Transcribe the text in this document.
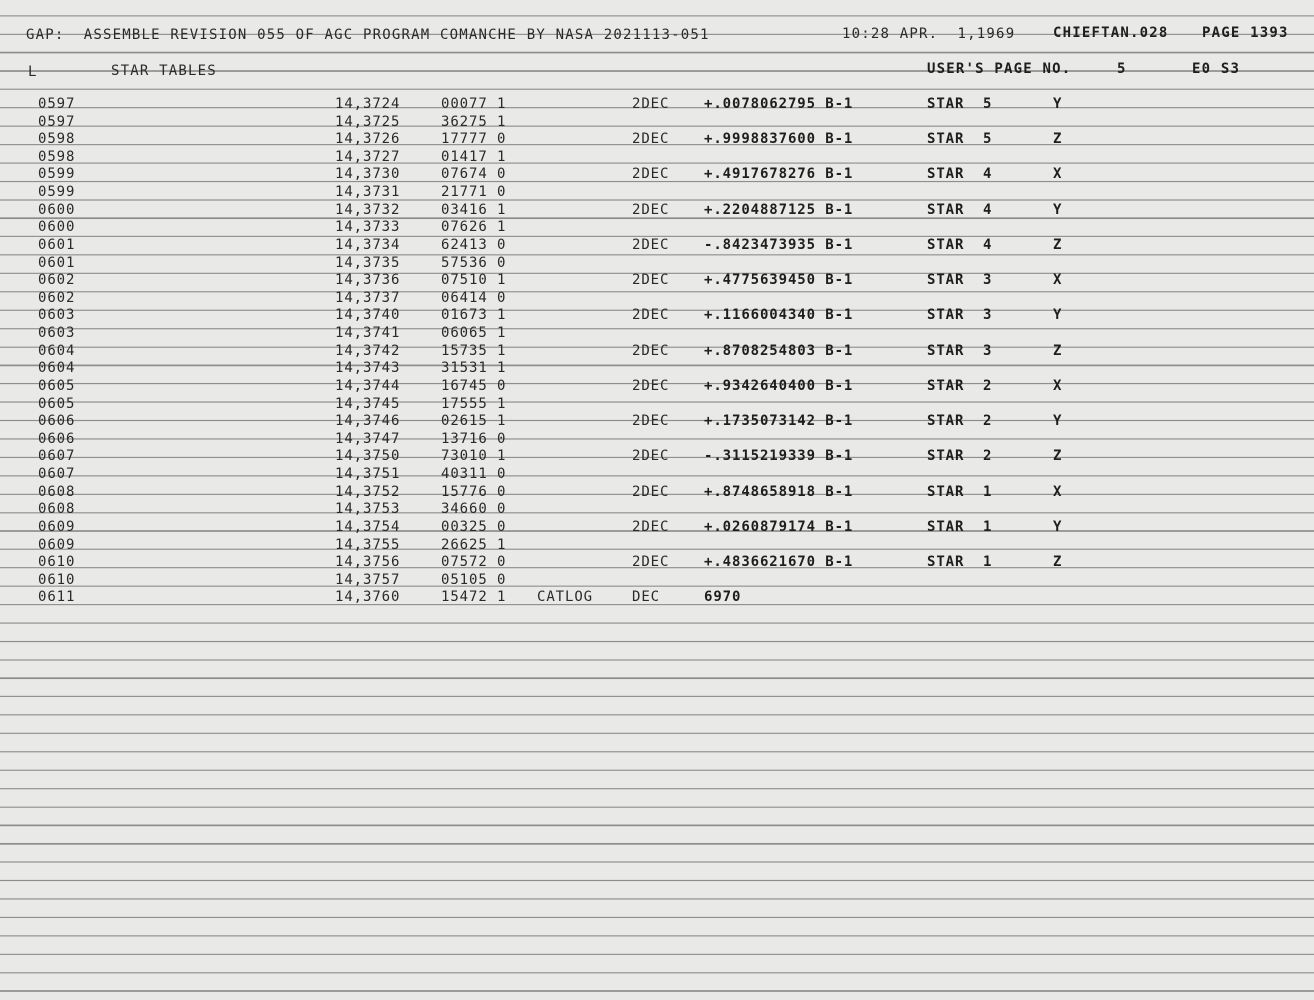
GAP:  ASSEMBLE REVISION 055 OF AGC PROGRAM COMANCHE BY NASA 2021113-051	10:28 APR.  1,1969	CHIEFTAN.028 PAGE 1393
L	STAR TABLES	USER'S PAGE NO.	5	E0 S3
0597	14,3724	00077 1	2DEC +.0078062795 B-1	STAR  5	Y
0597	14,3725	36275 1
0598	14,3726	17777 0	2DEC +.9998837600 B-1	STAR  5	Z
0598	14,3727	01417 1
0599	14,3730	07674 0	2DEC +.4917678276 B-1	STAR  4	X
0599	14,3731	21771 0
0600	14,3732	03416 1	2DEC +.2204887125 B-1	STAR  4	Y
0600	14,3733	07626 1
0601	14,3734	62413 0	2DEC -.8423473935 B-1	STAR  4	Z
0601	14,3735	57536 0
0602	14,3736	07510 1	2DEC +.4775639450 B-1	STAR  3	X
0602	14,3737	06414 0
0603	14,3740	01673 1	2DEC +.1166004340 B-1	STAR  3	Y
0603	14,3741	06065 1
0604	14,3742	15735 1	2DEC +.8708254803 B-1	STAR  3	Z
0604	14,3743	31531 1
0605	14,3744	16745 0	2DEC +.9342640400 B-1	STAR  2	X
0605	14,3745	17555 1
0606	14,3746	02615 1	2DEC +.1735073142 B-1	STAR  2	Y
0606	14,3747	13716 0
0607	14,3750	73010 1	2DEC -.3115219339 B-1	STAR  2	Z
0607	14,3751	40311 0
0608	14,3752	15776 0	2DEC +.8748658918 B-1	STAR  1	X
0608	14,3753	34660 0
0609	14,3754	00325 0	2DEC +.0260879174 B-1	STAR  1	Y
0609	14,3755	26625 1
0610	14,3756	07572 0	2DEC +.4836621670 B-1	STAR  1	Z
0610	14,3757	05105 0
0611	14,3760	15472 1 CATLOG	DEC	6970
